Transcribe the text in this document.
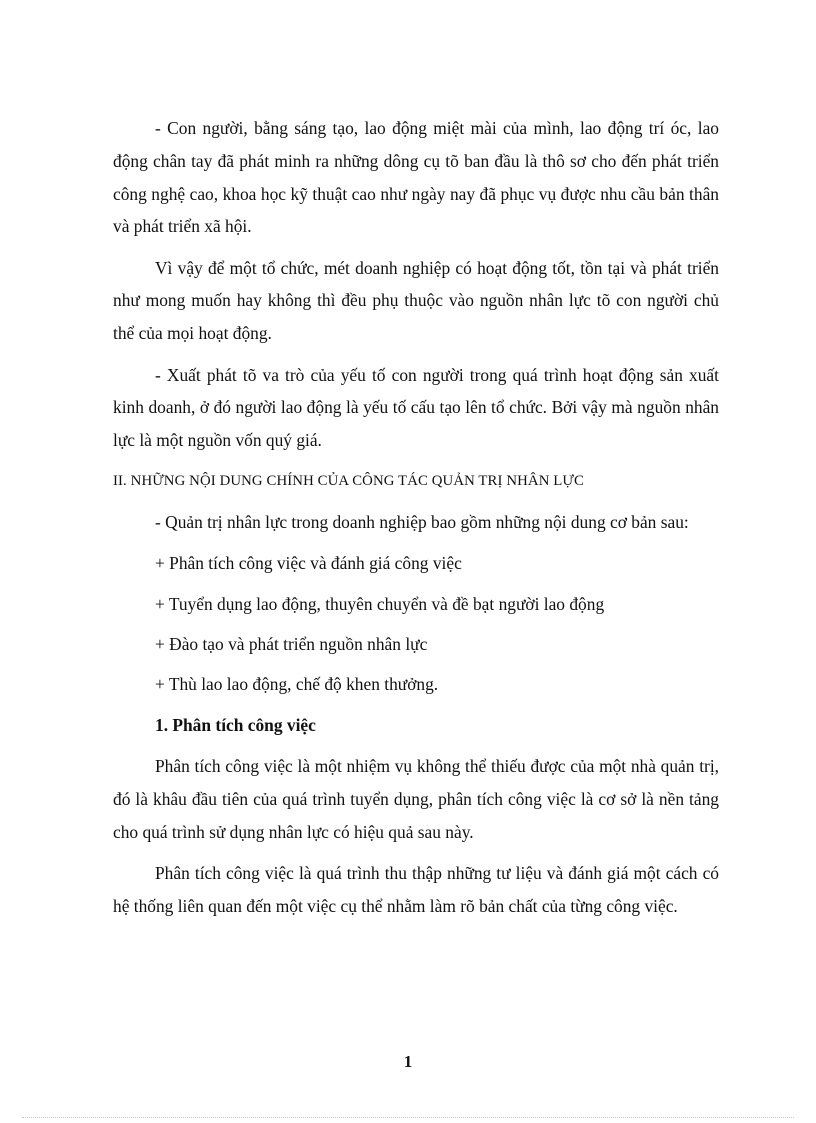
- Con người, bằng sáng tạo, lao động miệt mài của mình, lao động trí óc, lao động chân tay đã phát minh ra những dông cụ tõ ban đầu là thô sơ cho đến phát triển công nghệ cao, khoa học kỹ thuật cao như ngày nay đã phục vụ được nhu cầu bản thân và phát triển xã hội.

Vì vậy để một tổ chức, mét doanh nghiệp có hoạt động tốt, tồn tại và phát triển như mong muốn hay không thì đều phụ thuộc vào nguồn nhân lực tõ con người chủ thể của mọi hoạt động.

- Xuất phát tõ va trò của yếu tố con người trong quá trình hoạt động sản xuất kinh doanh, ở đó người lao động là yếu tố cấu tạo lên tổ chức. Bởi vậy mà nguồn nhân lực là một nguồn vốn quý giá.

II. NHỮNG NỘI DUNG CHÍNH CỦA CÔNG TÁC QUẢN TRỊ NHÂN LỰC

- Quản trị nhân lực trong doanh nghiệp bao gồm những nội dung cơ bản sau:

+ Phân tích công việc và đánh giá công việc
+ Tuyển dụng lao động, thuyên chuyển và đề bạt người lao động
+ Đào tạo và phát triển nguồn nhân lực
+ Thù lao lao động, chế độ khen thưởng.
1. Phân tích công việc

Phân tích công việc là một nhiệm vụ không thể thiếu được của một nhà quản trị, đó là khâu đầu tiên của quá trình tuyển dụng, phân tích công việc là cơ sở là nền tảng cho quá trình sử dụng nhân lực có hiệu quả sau này.

Phân tích công việc là quá trình thu thập những tư liệu và đánh giá một cách có hệ thống liên quan đến một việc cụ thể nhằm làm rõ bản chất của từng công việc.

1
